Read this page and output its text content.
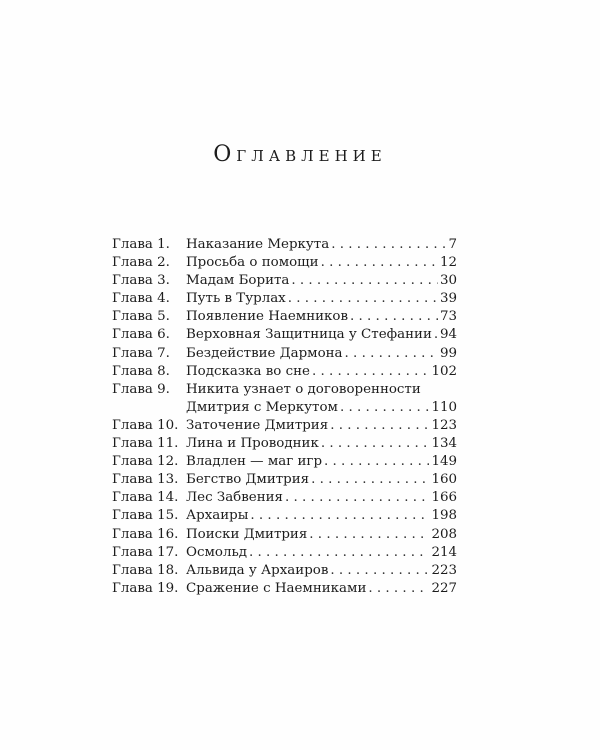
Оглавление
Глава 1.	Наказание Меркута . . .	7
Глава 2.	Просьба о помощи . . .	12
Глава 3.	Мадам Борита . . .	30
Глава 4.	Путь в Турлах . . .	39
Глава 5.	Появление Наемников . . .	73
Глава 6.	Верховная Защитница у Стефании . . . 94
Глава 7.	Бездействие Дармона . . .	99
Глава 8.	Подсказка во сне . . .	102
Глава 9.	Никита узнает о договоренности
Дмитрия с Меркутом . . .	110
Глава 10. Заточение Дмитрия . . .	123
Глава 11. Лина и Проводник . . .	134
Глава 12. Владлен — маг игр . . .	149
Глава 13. Бегство Дмитрия . . .	160
Глава 14. Лес Забвения . . .	166
Глава 15. Архаиры . . .	198
Глава 16. Поиски Дмитрия . . .	208
Глава 17. Осмольд . . .	214
Глава 18. Альвида у Архаиров . . .	223
Глава 19. Сражение с Наемниками . . .	227
